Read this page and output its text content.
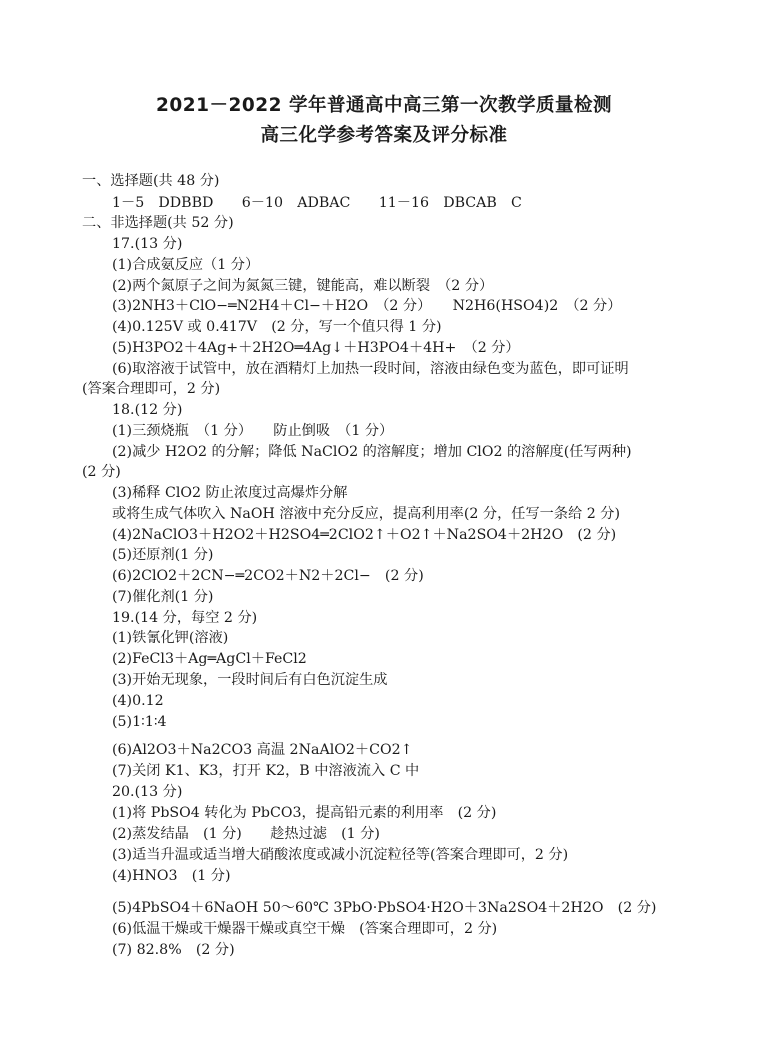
2021－2022 学年普通高中高三第一次教学质量检测
高三化学参考答案及评分标准
一、选择题(共 48 分)
1－5　DDBBD　　6－10　ADBAC　　11－16　DBCAB　C
二、非选择题(共 52 分)
17.(13 分)
(1)合成氨反应（1 分）
(2)两个氮原子之间为氮氮三键，键能高，难以断裂　（2 分）
(3)2NH3＋ClO−═N2H4＋Cl−＋H2O　（2 分）　　N2H6(HSO4)2　（2 分）
(4)0.125V 或 0.417V　(2 分，写一个值只得 1 分)
(5)H3PO2＋4Ag+＋2H2O═4Ag↓＋H3PO4＋4H+　（2 分）
(6)取溶液于试管中，放在酒精灯上加热一段时间，溶液由绿色变为蓝色，即可证明
(答案合理即可，2 分)
18.(12 分)
(1)三颈烧瓶　（1 分）　　防止倒吸　（1 分）
(2)减少 H2O2 的分解；降低 NaClO2 的溶解度；增加 ClO2 的溶解度(任写两种)
(2 分)
(3)稀释 ClO2 防止浓度过高爆炸分解
或将生成气体吹入 NaOH 溶液中充分反应，提高利用率(2 分，任写一条给 2 分)
(4)2NaClO3＋H2O2＋H2SO4═2ClO2↑＋O2↑＋Na2SO4＋2H2O　(2 分)
(5)还原剂(1 分)
(6)2ClO2＋2CN−═2CO2＋N2＋2Cl−　(2 分)
(7)催化剂(1 分)
19.(14 分，每空 2 分)
(1)铁氰化钾(溶液)
(2)FeCl3＋Ag═AgCl＋FeCl2
(3)开始无现象，一段时间后有白色沉淀生成
(4)0.12
(5)1∶1∶4
(6)Al2O3＋Na2CO3 高温 2NaAlO2＋CO2↑
(7)关闭 K1、K3，打开 K2，B 中溶液流入 C 中
20.(13 分)
(1)将 PbSO4 转化为 PbCO3，提高铅元素的利用率　(2 分)
(2)蒸发结晶　(1 分)　　趁热过滤　(1 分)
(3)适当升温或适当增大硝酸浓度或减小沉淀粒径等(答案合理即可，2 分)
(4)HNO3　(1 分)
(5)4PbSO4＋6NaOH 50～60℃ 3PbO·PbSO4·H2O＋3Na2SO4＋2H2O　(2 分)
(6)低温干燥或干燥器干燥或真空干燥　(答案合理即可，2 分)
(7) 82.8%　(2 分)
